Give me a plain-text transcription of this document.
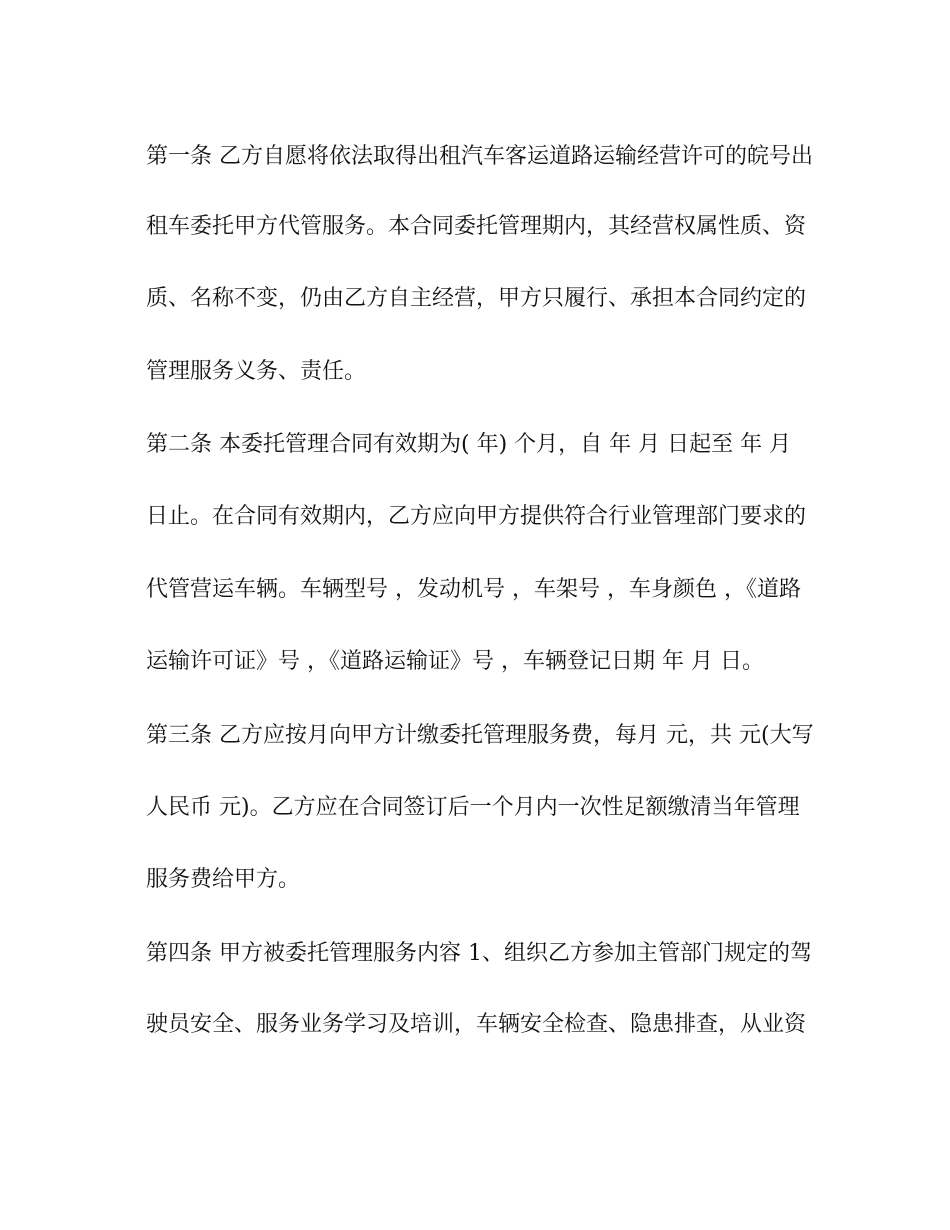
第一条 乙方自愿将依法取得出租汽车客运道路运输经营许可的皖号出
租车委托甲方代管服务。本合同委托管理期内，其经营权属性质、资
质、名称不变，仍由乙方自主经营，甲方只履行、承担本合同约定的
管理服务义务、责任。
第二条 本委托管理合同有效期为( 年) 个月，自 年 月 日起至 年 月
日止。在合同有效期内，乙方应向甲方提供符合行业管理部门要求的
代管营运车辆。车辆型号 ，发动机号 ，车架号 ，车身颜色 ，《道路
运输许可证》号 ，《道路运输证》号 ，车辆登记日期 年 月 日。
第三条 乙方应按月向甲方计缴委托管理服务费，每月 元，共 元(大写
人民币 元)。乙方应在合同签订后一个月内一次性足额缴清当年管理
服务费给甲方。
第四条 甲方被委托管理服务内容 1、组织乙方参加主管部门规定的驾
驶员安全、服务业务学习及培训，车辆安全检查、隐患排查，从业资
